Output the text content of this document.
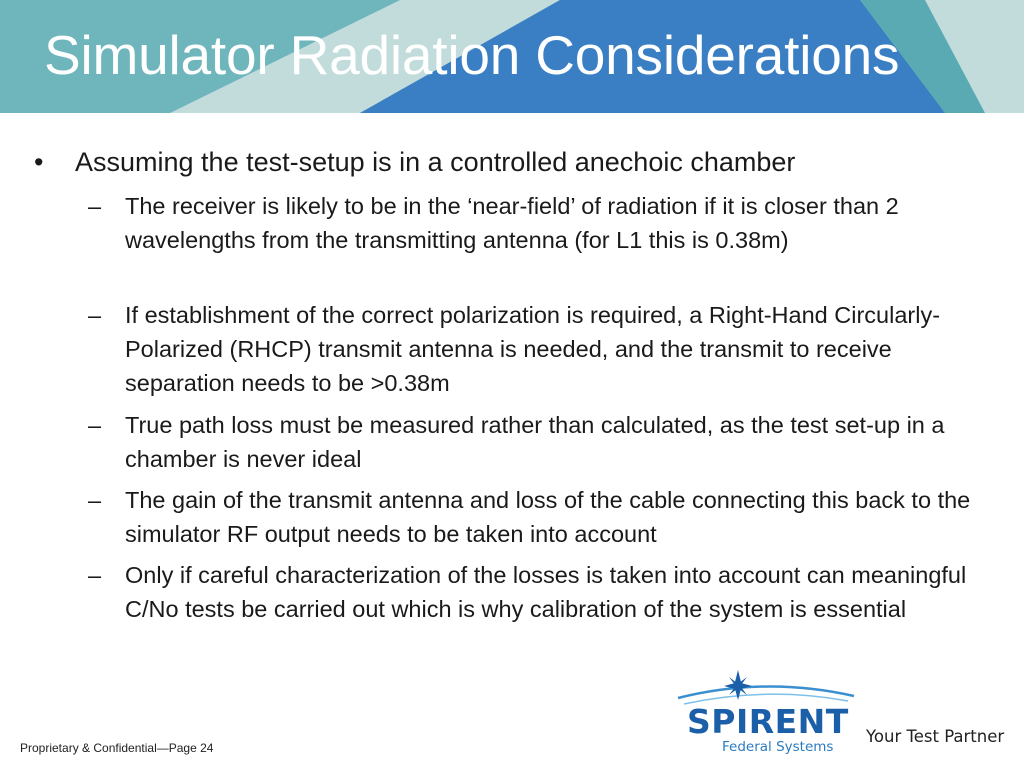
Simulator Radiation Considerations
• Assuming the test-setup is in a controlled anechoic chamber
– The receiver is likely to be in the ‘near-field’ of radiation if it is closer than 2 wavelengths from the transmitting antenna (for L1 this is 0.38m)
– If establishment of the correct polarization is required, a Right-Hand Circularly-Polarized (RHCP) transmit antenna is needed, and the transmit to receive separation needs to be >0.38m
– True path loss must be measured rather than calculated, as the test set-up in a chamber is never ideal
– The gain of the transmit antenna and loss of the cable connecting this back to the simulator RF output needs to be taken into account
– Only if careful characterization of the losses is taken into account can meaningful C/No tests be carried out which is why calibration of the system is essential
Proprietary & Confidential—Page 24
SPIRENT
Federal Systems
Your Test Partner
